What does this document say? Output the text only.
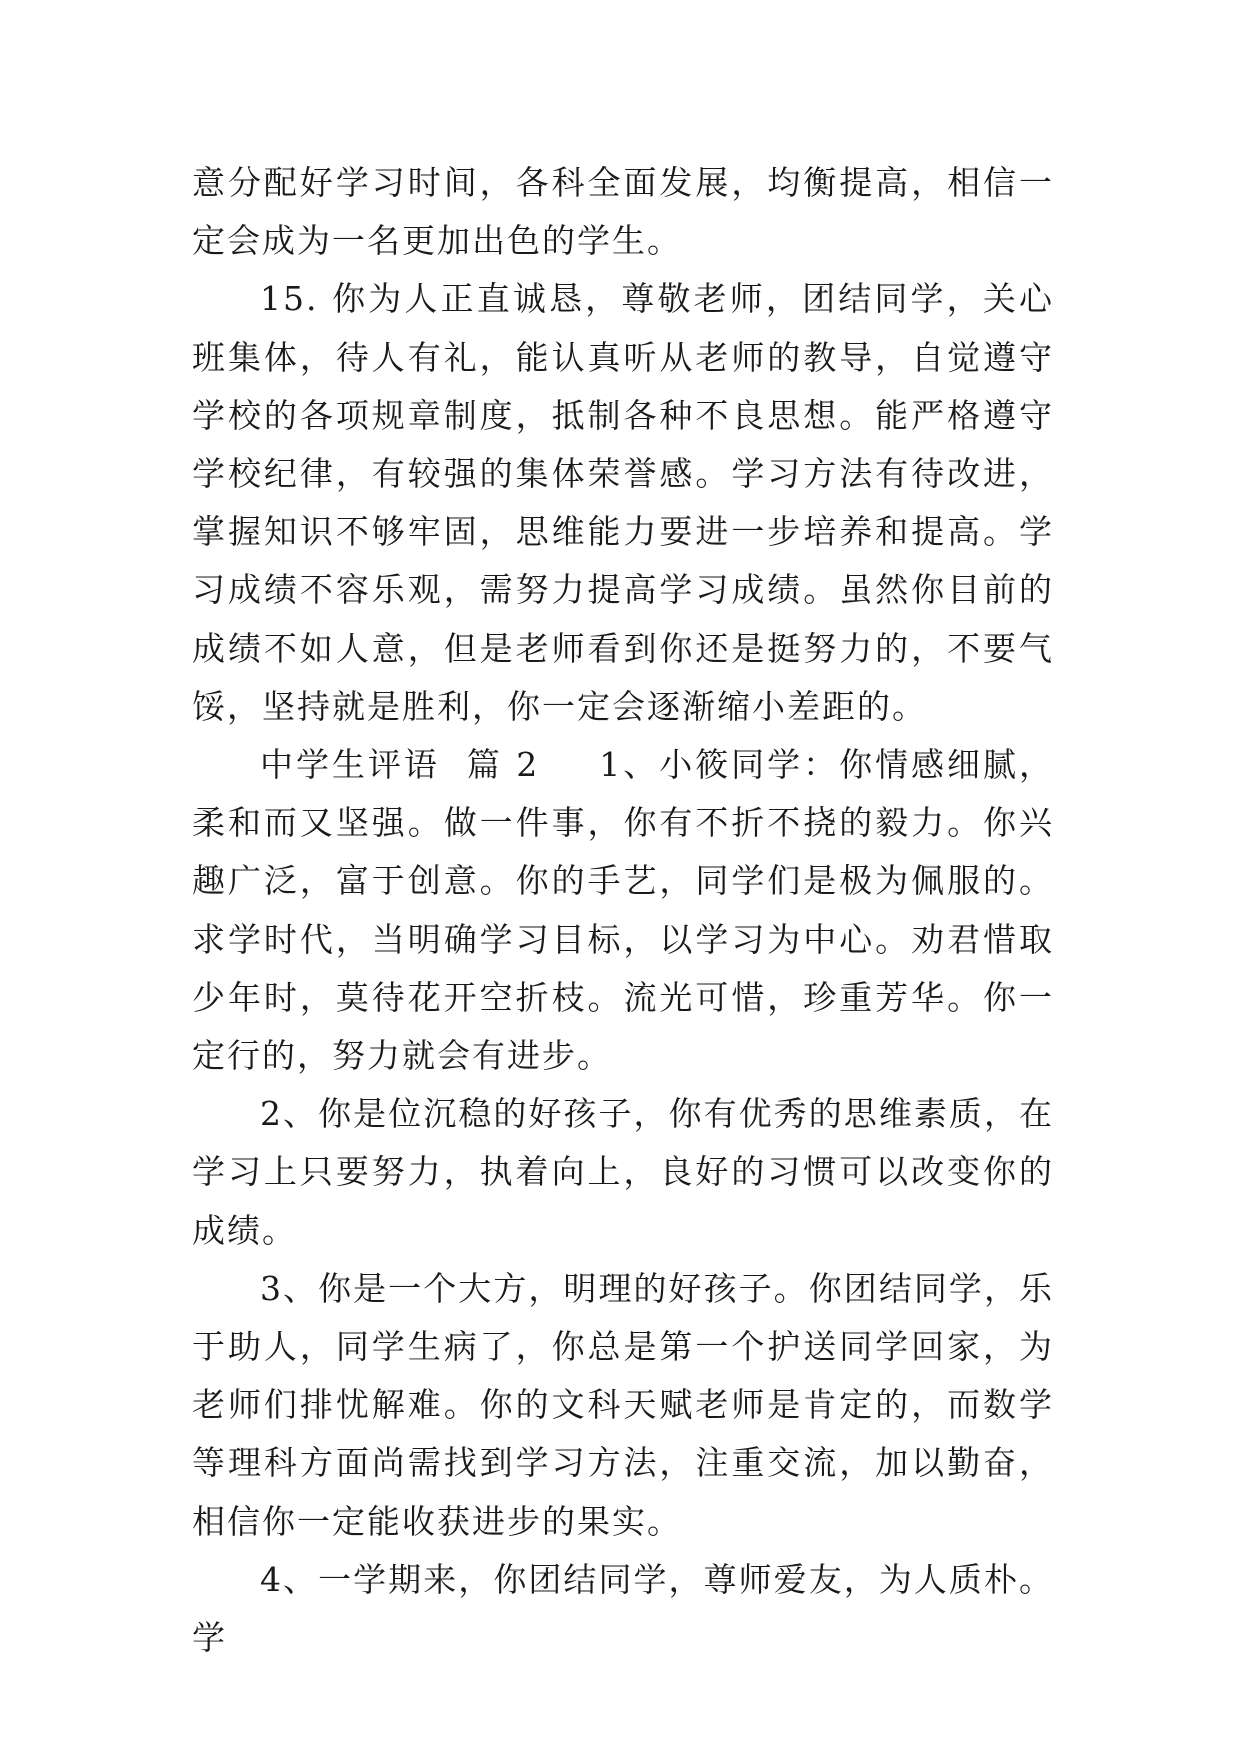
意分配好学习时间，各科全面发展，均衡提高，相信一定会成为一名更加出色的学生。

15. 你为人正直诚恳，尊敬老师，团结同学，关心班集体，待人有礼，能认真听从老师的教导，自觉遵守学校的各项规章制度，抵制各种不良思想。能严格遵守学校纪律，有较强的集体荣誉感。学习方法有待改进，掌握知识不够牢固，思维能力要进一步培养和提高。学习成绩不容乐观，需努力提高学习成绩。虽然你目前的成绩不如人意，但是老师看到你还是挺努力的，不要气馁，坚持就是胜利，你一定会逐渐缩小差距的。

中学生评语  篇 2 1、小筱同学：你情感细腻，柔和而又坚强。做一件事，你有不折不挠的毅力。你兴趣广泛，富于创意。你的手艺，同学们是极为佩服的。求学时代，当明确学习目标，以学习为中心。劝君惜取少年时，莫待花开空折枝。流光可惜，珍重芳华。你一定行的，努力就会有进步。

2、你是位沉稳的好孩子，你有优秀的思维素质，在学习上只要努力，执着向上，良好的习惯可以改变你的成绩。

3、你是一个大方，明理的好孩子。你团结同学，乐于助人，同学生病了，你总是第一个护送同学回家，为老师们排忧解难。你的文科天赋老师是肯定的，而数学等理科方面尚需找到学习方法，注重交流，加以勤奋，相信你一定能收获进步的果实。

4、一学期来，你团结同学，尊师爱友，为人质朴。学
